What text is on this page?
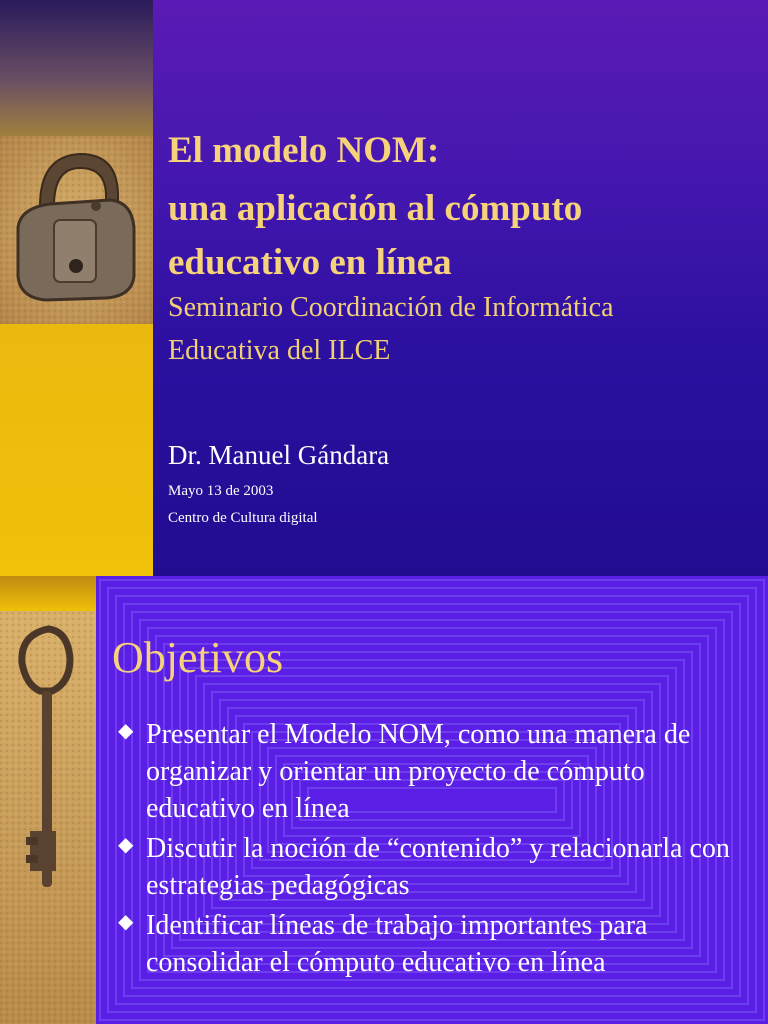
El modelo NOM:

una aplicación al cómputo

educativo en línea

Seminario Coordinación de Informática
Educativa del ILCE
Dr. Manuel Gándara
Mayo 13 de 2003
Centro de Cultura digital
Objetivos
◆ Presentar el Modelo NOM, como una manera de organizar y orientar un proyecto de cómputo educativo en línea
◆ Discutir la noción de “contenido” y relacionarla con estrategias pedagógicas
◆ Identificar líneas de trabajo importantes para consolidar el cómputo educativo en línea
